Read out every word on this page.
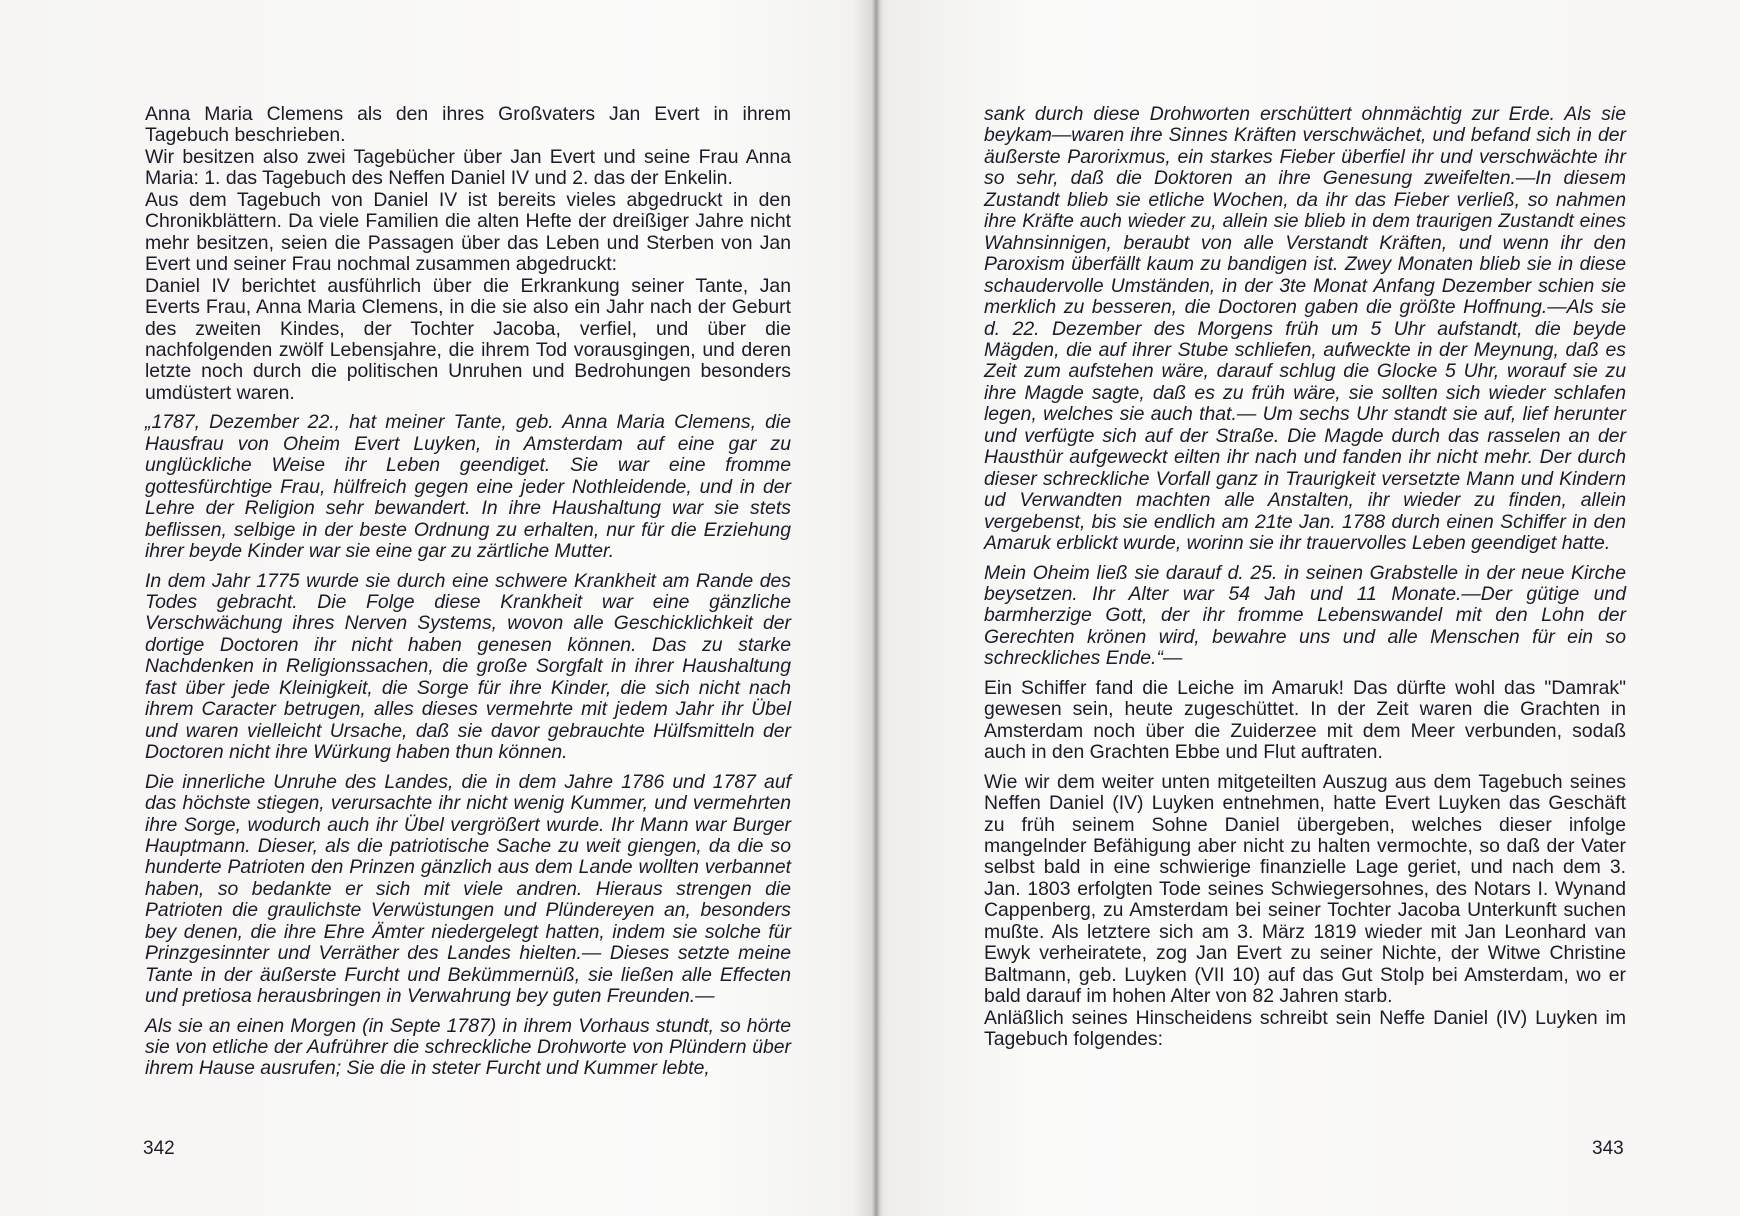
Anna Maria Clemens als den ihres Großvaters Jan Evert in ihrem Tagebuch beschrieben.

Wir besitzen also zwei Tagebücher über Jan Evert und seine Frau Anna Maria: 1. das Tagebuch des Neffen Daniel IV und 2. das der Enkelin.

Aus dem Tagebuch von Daniel IV ist bereits vieles abgedruckt in den Chronikblättern. Da viele Familien die alten Hefte der dreißiger Jahre nicht mehr besitzen, seien die Passagen über das Leben und Sterben von Jan Evert und seiner Frau nochmal zusammen abgedruckt:

Daniel IV berichtet ausführlich über die Erkrankung seiner Tante, Jan Everts Frau, Anna Maria Clemens, in die sie also ein Jahr nach der Geburt des zweiten Kindes, der Tochter Jacoba, verfiel, und über die nachfolgenden zwölf Lebensjahre, die ihrem Tod vorausgingen, und deren letzte noch durch die politischen Unruhen und Bedrohungen besonders umdüstert waren.

„1787, Dezember 22., hat meiner Tante, geb. Anna Maria Clemens, die Hausfrau von Oheim Evert Luyken, in Amsterdam auf eine gar zu unglückliche Weise ihr Leben geendiget. Sie war eine fromme gottesfürchtige Frau, hülfreich gegen eine jeder Nothleidende, und in der Lehre der Religion sehr bewandert. In ihre Haushaltung war sie stets beflissen, selbige in der beste Ordnung zu erhalten, nur für die Erziehung ihrer beyde Kinder war sie eine gar zu zärtliche Mutter.

In dem Jahr 1775 wurde sie durch eine schwere Krankheit am Rande des Todes gebracht. Die Folge diese Krankheit war eine gänzliche Verschwächung ihres Nerven Systems, wovon alle Geschicklichkeit der dortige Doctoren ihr nicht haben genesen können. Das zu starke Nachdenken in Religionssachen, die große Sorgfalt in ihrer Haushaltung fast über jede Kleinigkeit, die Sorge für ihre Kinder, die sich nicht nach ihrem Caracter betrugen, alles dieses vermehrte mit jedem Jahr ihr Übel und waren vielleicht Ursache, daß sie davor gebrauchte Hülfsmitteln der Doctoren nicht ihre Würkung haben thun können.

Die innerliche Unruhe des Landes, die in dem Jahre 1786 und 1787 auf das höchste stiegen, verursachte ihr nicht wenig Kummer, und vermehrten ihre Sorge, wodurch auch ihr Übel vergrößert wurde. Ihr Mann war Burger Hauptmann. Dieser, als die patriotische Sache zu weit giengen, da die so hunderte Patrioten den Prinzen gänzlich aus dem Lande wollten verbannet haben, so bedankte er sich mit viele andren. Hieraus strengen die Patrioten die graulichste Verwüstungen und Plündereyen an, besonders bey denen, die ihre Ehre Ämter niedergelegt hatten, indem sie solche für Prinzgesinnter und Verräther des Landes hielten.— Dieses setzte meine Tante in der äußerste Furcht und Bekümmernüß, sie ließen alle Effecten und pretiosa herausbringen in Verwahrung bey guten Freunden.—

Als sie an einen Morgen (in Septe 1787) in ihrem Vorhaus stundt, so hörte sie von etliche der Aufrührer die schreckliche Drohworte von Plündern über ihrem Hause ausrufen; Sie die in steter Furcht und Kummer lebte,

342

sank durch diese Drohworten erschüttert ohnmächtig zur Erde. Als sie beykam—waren ihre Sinnes Kräften verschwächet, und befand sich in der äußerste Parorixmus, ein starkes Fieber überfiel ihr und verschwächte ihr so sehr, daß die Doktoren an ihre Genesung zweifelten.—In diesem Zustandt blieb sie etliche Wochen, da ihr das Fieber verließ, so nahmen ihre Kräfte auch wieder zu, allein sie blieb in dem traurigen Zustandt eines Wahnsinnigen, beraubt von alle Verstandt Kräften, und wenn ihr den Paroxism überfällt kaum zu bandigen ist. Zwey Monaten blieb sie in diese schaudervolle Umständen, in der 3te Monat Anfang Dezember schien sie merklich zu besseren, die Doctoren gaben die größte Hoffnung.—Als sie d. 22. Dezember des Morgens früh um 5 Uhr aufstandt, die beyde Mägden, die auf ihrer Stube schliefen, aufweckte in der Meynung, daß es Zeit zum aufstehen wäre, darauf schlug die Glocke 5 Uhr, worauf sie zu ihre Magde sagte, daß es zu früh wäre, sie sollten sich wieder schlafen legen, welches sie auch that.— Um sechs Uhr standt sie auf, lief herunter und verfügte sich auf der Straße. Die Magde durch das rasselen an der Hausthür aufgeweckt eilten ihr nach und fanden ihr nicht mehr. Der durch dieser schreckliche Vorfall ganz in Traurigkeit versetzte Mann und Kindern ud Verwandten machten alle Anstalten, ihr wieder zu finden, allein vergebenst, bis sie endlich am 21te Jan. 1788 durch einen Schiffer in den Amaruk erblickt wurde, worinn sie ihr trauervolles Leben geendiget hatte.

Mein Oheim ließ sie darauf d. 25. in seinen Grabstelle in der neue Kirche beysetzen. Ihr Alter war 54 Jah und 11 Monate.—Der gütige und barmherzige Gott, der ihr fromme Lebenswandel mit den Lohn der Gerechten krönen wird, bewahre uns und alle Menschen für ein so schreckliches Ende.“—

Ein Schiffer fand die Leiche im Amaruk! Das dürfte wohl das "Damrak" gewesen sein, heute zugeschüttet. In der Zeit waren die Grachten in Amsterdam noch über die Zuiderzee mit dem Meer verbunden, sodaß auch in den Grachten Ebbe und Flut auftraten.

Wie wir dem weiter unten mitgeteilten Auszug aus dem Tagebuch seines Neffen Daniel (IV) Luyken entnehmen, hatte Evert Luyken das Geschäft zu früh seinem Sohne Daniel übergeben, welches dieser infolge mangelnder Befähigung aber nicht zu halten vermochte, so daß der Vater selbst bald in eine schwierige finanzielle Lage geriet, und nach dem 3. Jan. 1803 erfolgten Tode seines Schwiegersohnes, des Notars I. Wynand Cappenberg, zu Amsterdam bei seiner Tochter Jacoba Unterkunft suchen mußte. Als letztere sich am 3. März 1819 wieder mit Jan Leonhard van Ewyk verheiratete, zog Jan Evert zu seiner Nichte, der Witwe Christine Baltmann, geb. Luyken (VII 10) auf das Gut Stolp bei Amsterdam, wo er bald darauf im hohen Alter von 82 Jahren starb.

Anläßlich seines Hinscheidens schreibt sein Neffe Daniel (IV) Luyken im Tagebuch folgendes:

343
